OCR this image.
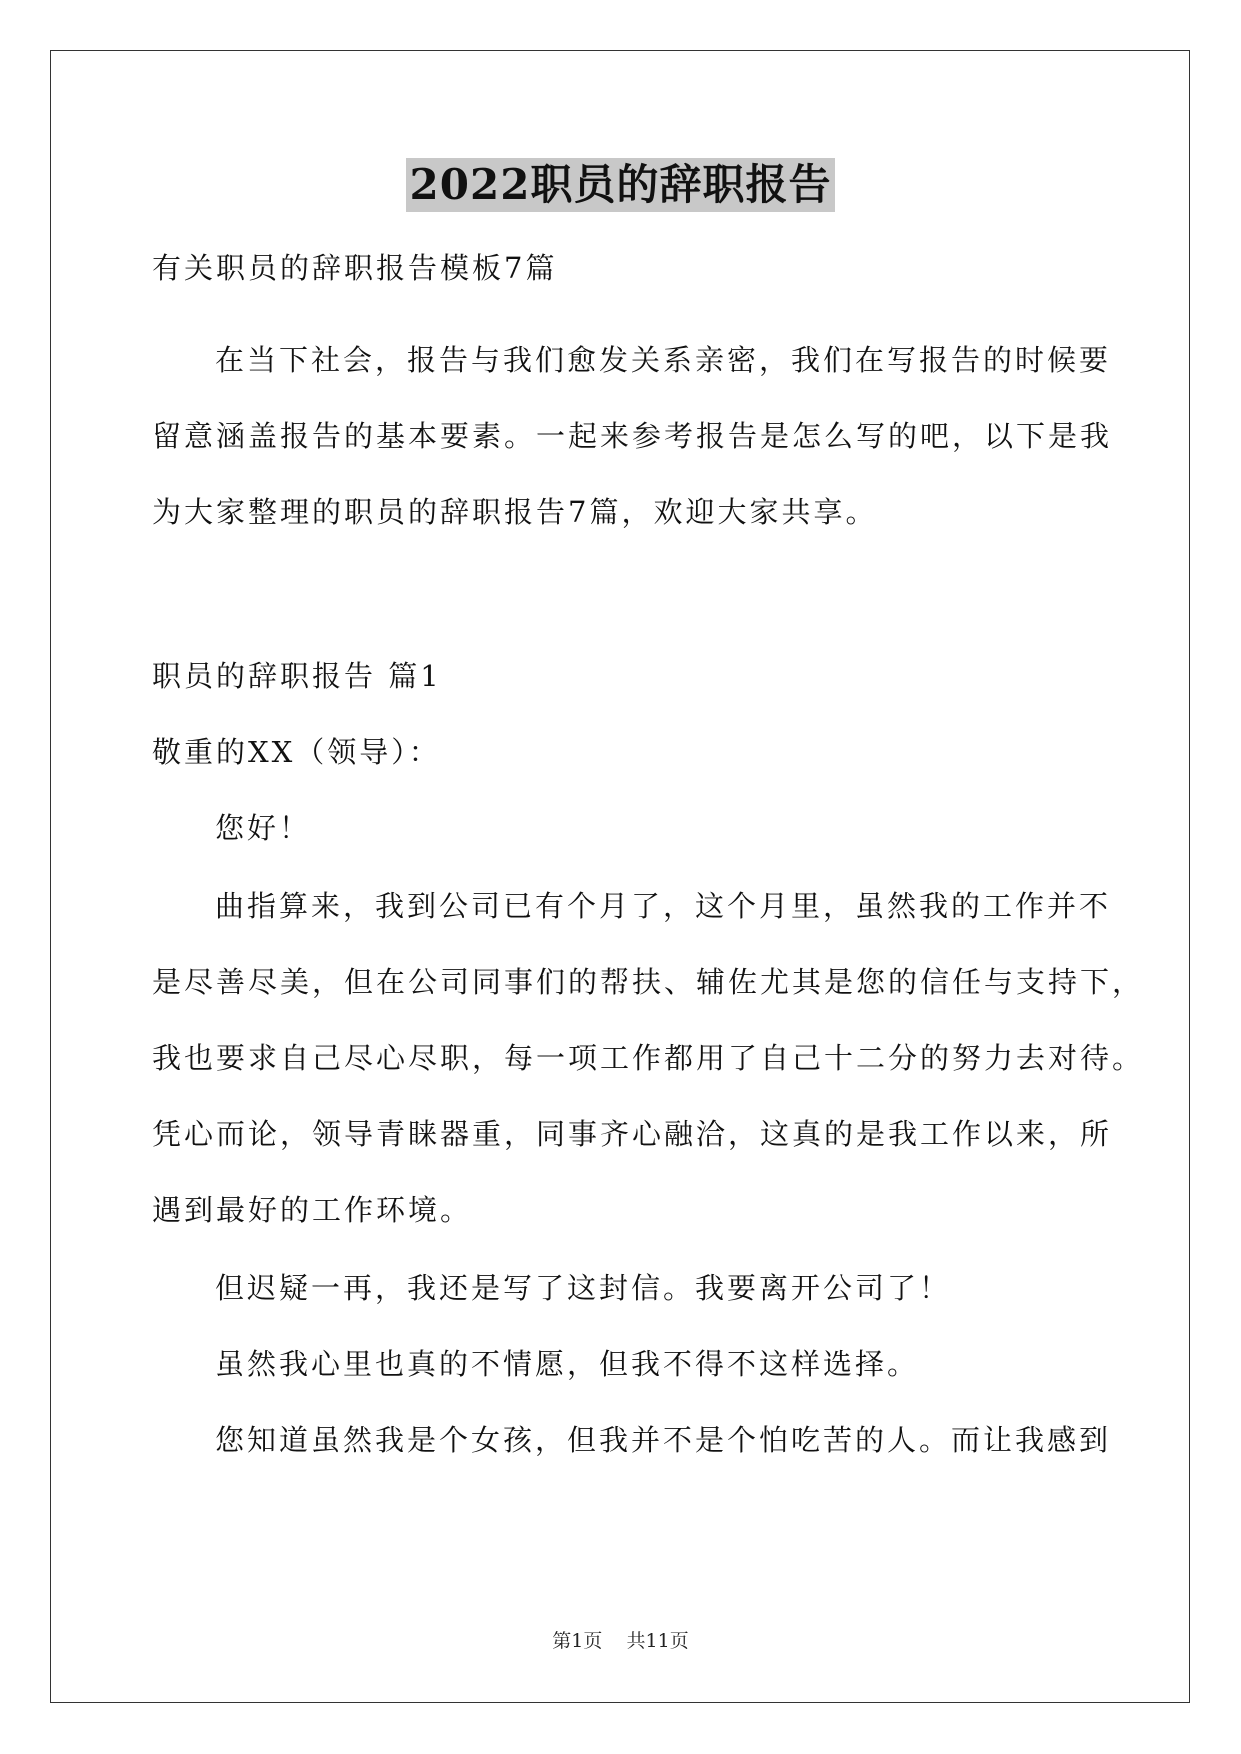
2022职员的辞职报告
有关职员的辞职报告模板7篇
在当下社会，报告与我们愈发关系亲密，我们在写报告的时候要
留意涵盖报告的基本要素。一起来参考报告是怎么写的吧，以下是我
为大家整理的职员的辞职报告7篇，欢迎大家共享。
职员的辞职报告 篇1
敬重的XX（领导）：
您好！
曲指算来，我到公司已有个月了，这个月里，虽然我的工作并不
是尽善尽美，但在公司同事们的帮扶、辅佐尤其是您的信任与支持下，
我也要求自己尽心尽职，每一项工作都用了自己十二分的努力去对待。
凭心而论，领导青睐器重，同事齐心融洽，这真的是我工作以来，所
遇到最好的工作环境。
但迟疑一再，我还是写了这封信。我要离开公司了！
虽然我心里也真的不情愿，但我不得不这样选择。
您知道虽然我是个女孩，但我并不是个怕吃苦的人。而让我感到
第1页    共11页
